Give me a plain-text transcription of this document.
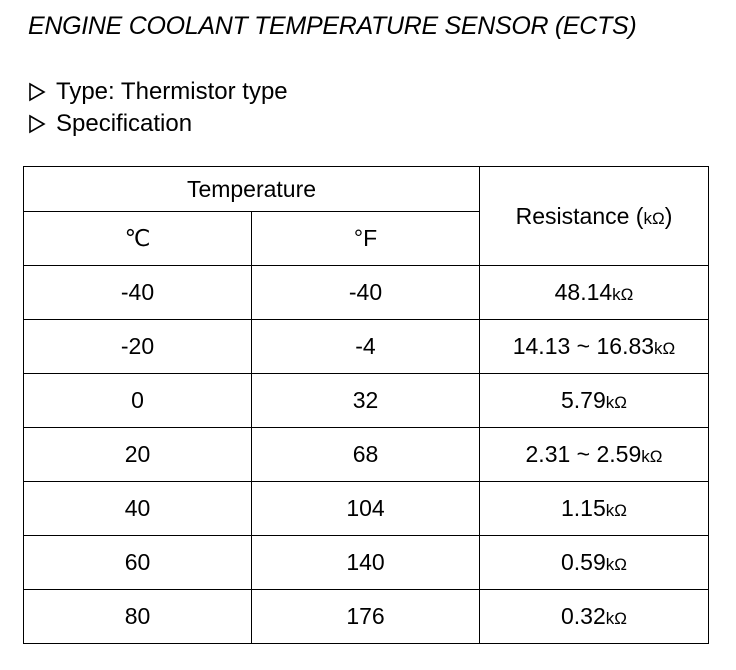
ENGINE COOLANT TEMPERATURE SENSOR (ECTS)
Type: Thermistor type
Specification
Temperature		Resistance (kΩ)
℃	°F	
-40	-40	48.14kΩ
-20	-4	14.13 ~ 16.83kΩ
0	32	5.79kΩ
20	68	2.31 ~ 2.59kΩ
40	104	1.15kΩ
60	140	0.59kΩ
80	176	0.32kΩ
